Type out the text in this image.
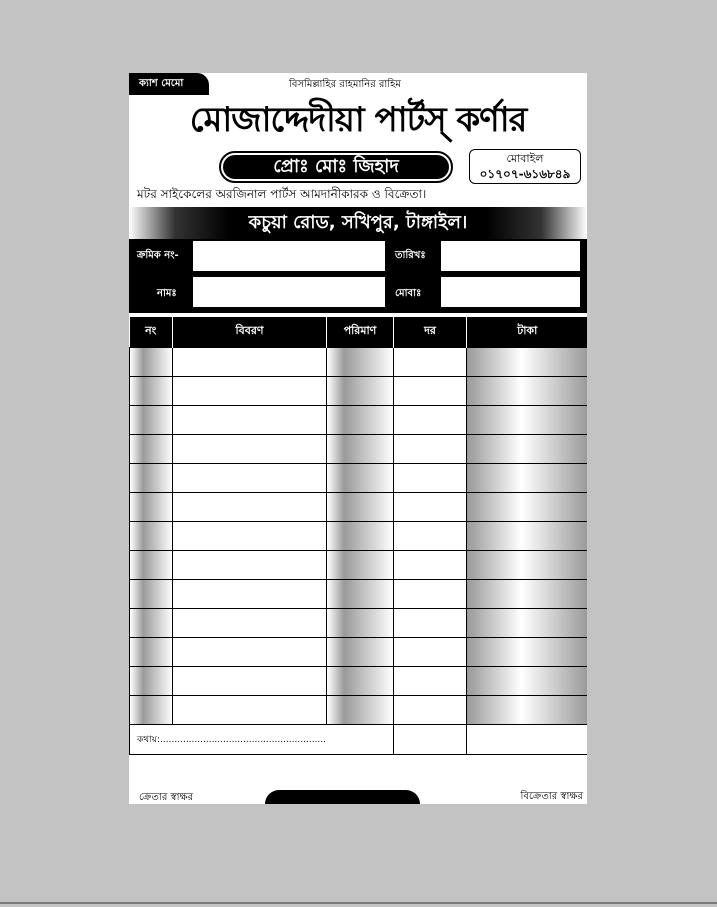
ক্যাশ মেমো	বিসমিল্লাহির রাহমানির রাহিম
মোজাদ্দেদীয়া পার্টস্ কর্ণার
প্রোঃ মোঃ জিহাদ	মোবাইল
০১৭০৭-৬১৬৮৪৯
মটর সাইকেলের অরজিনাল পার্টস আমদানীকারক ও বিক্রেতা।
কচুয়া রোড, সখিপুর, টাঙ্গাইল।
ক্রমিক নং-	তারিখঃ
নামঃ	মোবাঃ
নং	বিবরণ	পরিমাণ	দর	টাকা

কথায়:..........................................................				
ক্রেতার স্বাক্ষর	বিক্রেতার স্বাক্ষর
